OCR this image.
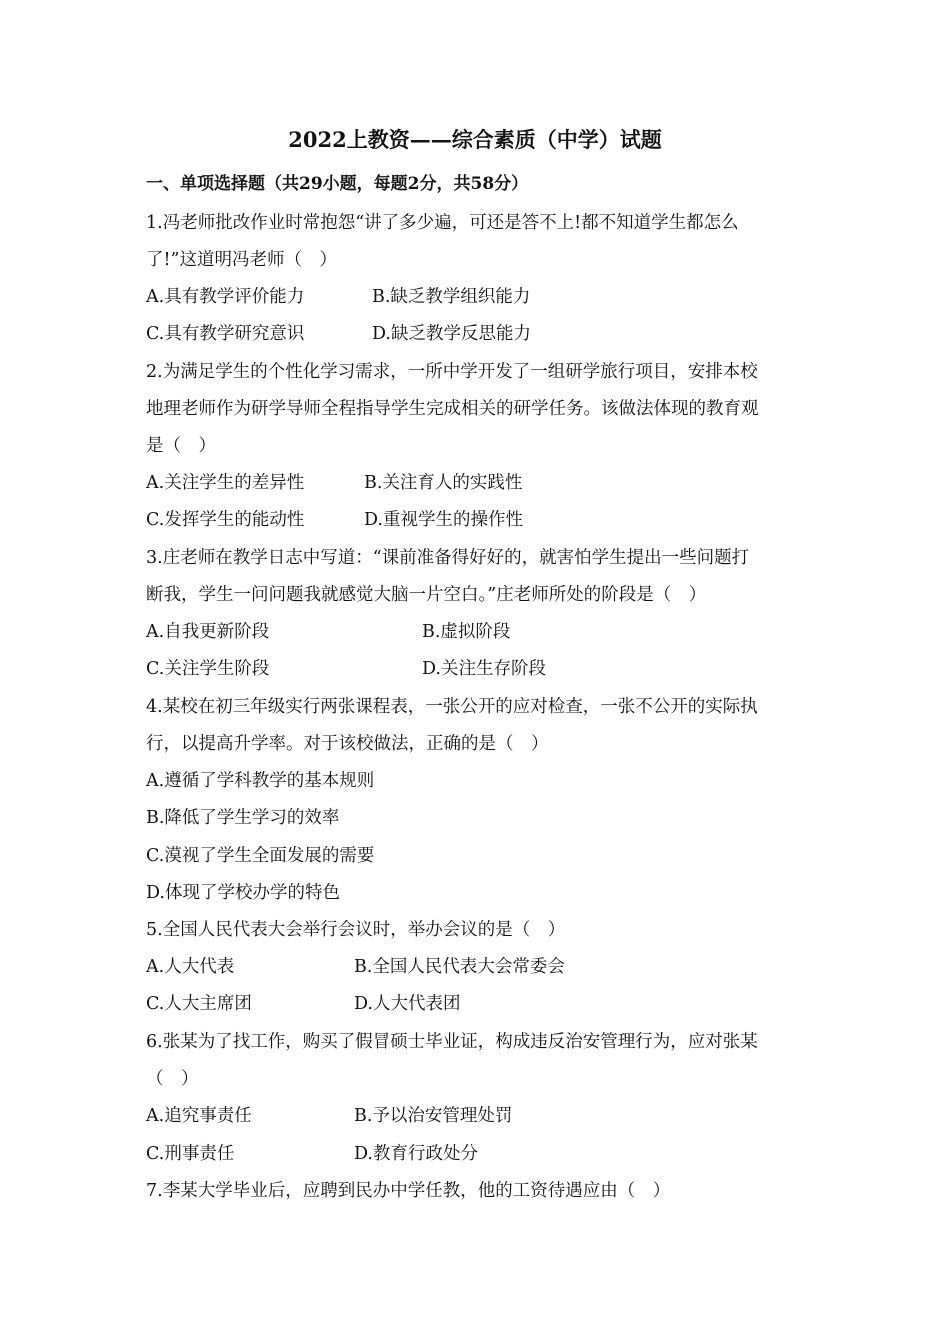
2022上教资——综合素质（中学）试题
一、单项选择题（共29小题，每题2分，共58分）
1.冯老师批改作业时常抱怨“讲了多少遍，可还是答不上!都不知道学生都怎么
了!”这道明冯老师（　）
A.具有教学评价能力	B.缺乏教学组织能力
C.具有教学研究意识	D.缺乏教学反思能力
2.为满足学生的个性化学习需求，一所中学开发了一组研学旅行项目，安排本校
地理老师作为研学导师全程指导学生完成相关的研学任务。该做法体现的教育观
是（　）
A.关注学生的差异性	B.关注育人的实践性
C.发挥学生的能动性	D.重视学生的操作性
3.庄老师在教学日志中写道：“课前准备得好好的，就害怕学生提出一些问题打
断我，学生一问问题我就感觉大脑一片空白。”庄老师所处的阶段是（　）
A.自我更新阶段	B.虚拟阶段
C.关注学生阶段	D.关注生存阶段
4.某校在初三年级实行两张课程表，一张公开的应对检查，一张不公开的实际执
行，以提高升学率。对于该校做法，正确的是（　）
A.遵循了学科教学的基本规则
B.降低了学生学习的效率
C.漠视了学生全面发展的需要
D.体现了学校办学的特色
5.全国人民代表大会举行会议时，举办会议的是（　）
A.人大代表	B.全国人民代表大会常委会
C.人大主席团	D.人大代表团
6.张某为了找工作，购买了假冒硕士毕业证，构成违反治安管理行为，应对张某
（　）
A.追究事责任	B.予以治安管理处罚
C.刑事责任	D.教育行政处分
7.李某大学毕业后，应聘到民办中学任教，他的工资待遇应由（　）
